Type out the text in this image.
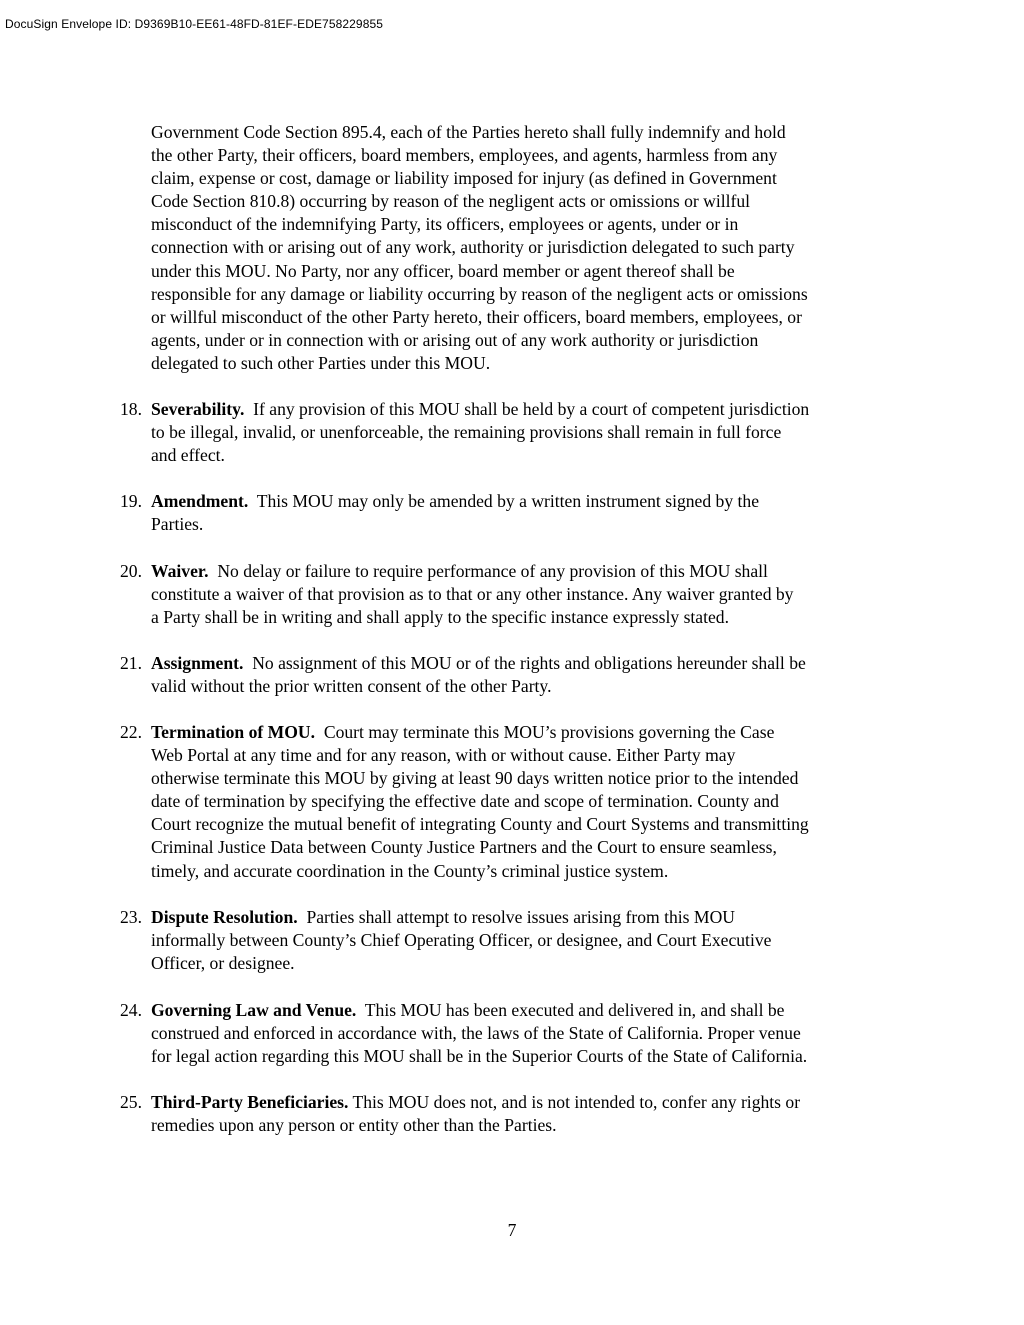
DocuSign Envelope ID: D9369B10-EE61-48FD-81EF-EDE758229855

Government Code Section 895.4, each of the Parties hereto shall fully indemnify and hold
the other Party, their officers, board members, employees, and agents, harmless from any
claim, expense or cost, damage or liability imposed for injury (as defined in Government
Code Section 810.8) occurring by reason of the negligent acts or omissions or willful
misconduct of the indemnifying Party, its officers, employees or agents, under or in
connection with or arising out of any work, authority or jurisdiction delegated to such party
under this MOU. No Party, nor any officer, board member or agent thereof shall be
responsible for any damage or liability occurring by reason of the negligent acts or omissions
or willful misconduct of the other Party hereto, their officers, board members, employees, or
agents, under or in connection with or arising out of any work authority or jurisdiction
delegated to such other Parties under this MOU.

18. Severability.  If any provision of this MOU shall be held by a court of competent jurisdiction
to be illegal, invalid, or unenforceable, the remaining provisions shall remain in full force
and effect.

19. Amendment.  This MOU may only be amended by a written instrument signed by the
Parties.

20. Waiver.  No delay or failure to require performance of any provision of this MOU shall
constitute a waiver of that provision as to that or any other instance. Any waiver granted by
a Party shall be in writing and shall apply to the specific instance expressly stated.

21. Assignment.  No assignment of this MOU or of the rights and obligations hereunder shall be
valid without the prior written consent of the other Party.

22. Termination of MOU.  Court may terminate this MOU’s provisions governing the Case
Web Portal at any time and for any reason, with or without cause. Either Party may
otherwise terminate this MOU by giving at least 90 days written notice prior to the intended
date of termination by specifying the effective date and scope of termination. County and
Court recognize the mutual benefit of integrating County and Court Systems and transmitting
Criminal Justice Data between County Justice Partners and the Court to ensure seamless,
timely, and accurate coordination in the County’s criminal justice system.

23. Dispute Resolution.  Parties shall attempt to resolve issues arising from this MOU
informally between County’s Chief Operating Officer, or designee, and Court Executive
Officer, or designee.

24. Governing Law and Venue.  This MOU has been executed and delivered in, and shall be
construed and enforced in accordance with, the laws of the State of California. Proper venue
for legal action regarding this MOU shall be in the Superior Courts of the State of California.

25. Third-Party Beneficiaries. This MOU does not, and is not intended to, confer any rights or
remedies upon any person or entity other than the Parties.

7
